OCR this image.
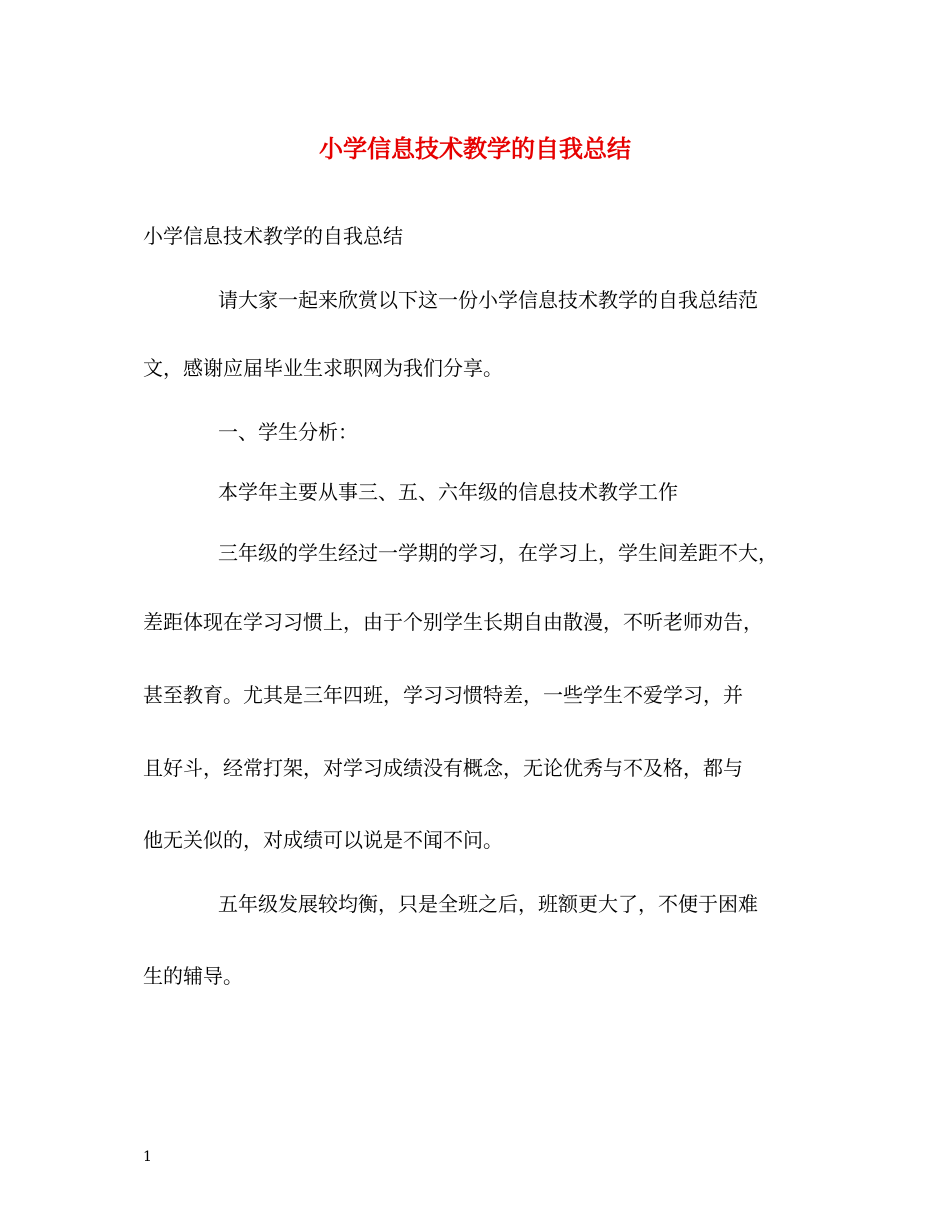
小学信息技术教学的自我总结
小学信息技术教学的自我总结
请大家一起来欣赏以下这一份小学信息技术教学的自我总结范
文，感谢应届毕业生求职网为我们分享。
一、学生分析：
本学年主要从事三、五、六年级的信息技术教学工作
三年级的学生经过一学期的学习，在学习上，学生间差距不大，
差距体现在学习习惯上，由于个别学生长期自由散漫，不听老师劝告，
甚至教育。尤其是三年四班，学习习惯特差，一些学生不爱学习，并
且好斗，经常打架，对学习成绩没有概念，无论优秀与不及格，都与
他无关似的，对成绩可以说是不闻不问。
五年级发展较均衡，只是全班之后，班额更大了，不便于困难
生的辅导。
1
